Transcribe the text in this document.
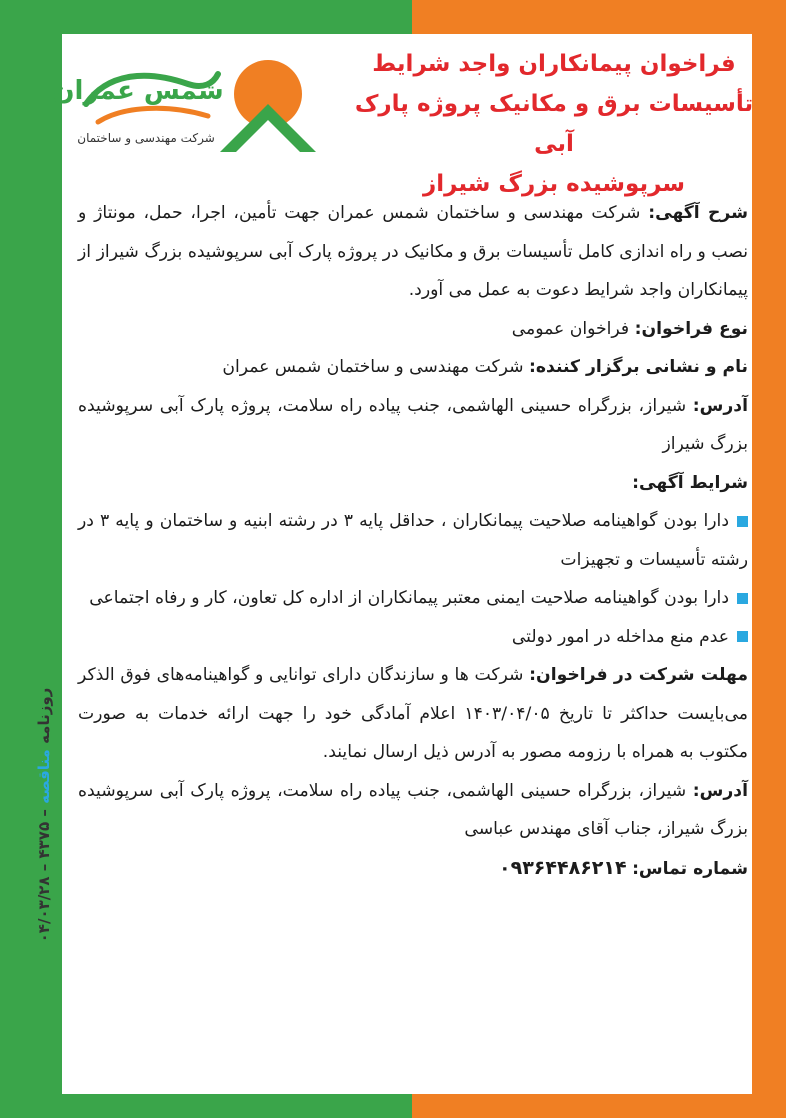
روزنامه مناقصه – ۴۳۷۵ – ۰۴/۰۳/۲۸
شمس عمران
شرکت مهندسی و ساختمان
فراخوان پیمانکاران واجد شرایط
تأسیسات برق و مکانیک پروژه پارک آبی
سرپوشیده بزرگ شیراز

شرح آگهی: شرکت مهندسی و ساختمان شمس عمران جهت تأمین، اجرا، حمل، مونتاژ و نصب و راه اندازی کامل تأسیسات برق و مکانیک در پروژه پارک آبی سرپوشیده بزرگ شیراز از پیمانکاران واجد شرایط دعوت به عمل می آورد.

نوع فراخوان: فراخوان عمومی

نام و نشانی برگزار کننده: شرکت مهندسی و ساختمان شمس عمران

آدرس: شیراز، بزرگراه حسینی الهاشمی، جنب پیاده راه سلامت، پروژه پارک آبی سرپوشیده بزرگ شیراز

شرایط آگهی:

دارا بودن گواهینامه صلاحیت پیمانکاران ، حداقل پایه ۳ در رشته ابنیه و ساختمان و پایه ۳ در رشته تأسیسات و تجهیزات

دارا بودن گواهینامه صلاحیت ایمنی معتبر پیمانکاران از اداره کل تعاون، کار و رفاه اجتماعی

عدم منع مداخله در امور دولتی

مهلت شرکت در فراخوان: شرکت ها و سازندگان دارای توانایی و گواهینامه‌های فوق الذکر می‌بایست حداکثر تا تاریخ ۱۴۰۳/۰۴/۰۵ اعلام آمادگی خود را جهت ارائه خدمات به صورت مکتوب به همراه با رزومه مصور به آدرس ذیل ارسال نمایند.

آدرس: شیراز، بزرگراه حسینی الهاشمی، جنب پیاده راه سلامت، پروژه پارک آبی سرپوشیده بزرگ شیراز، جناب آقای مهندس عباسی

شماره تماس: ۰۹۳۶۴۴۸۶۲۱۴
